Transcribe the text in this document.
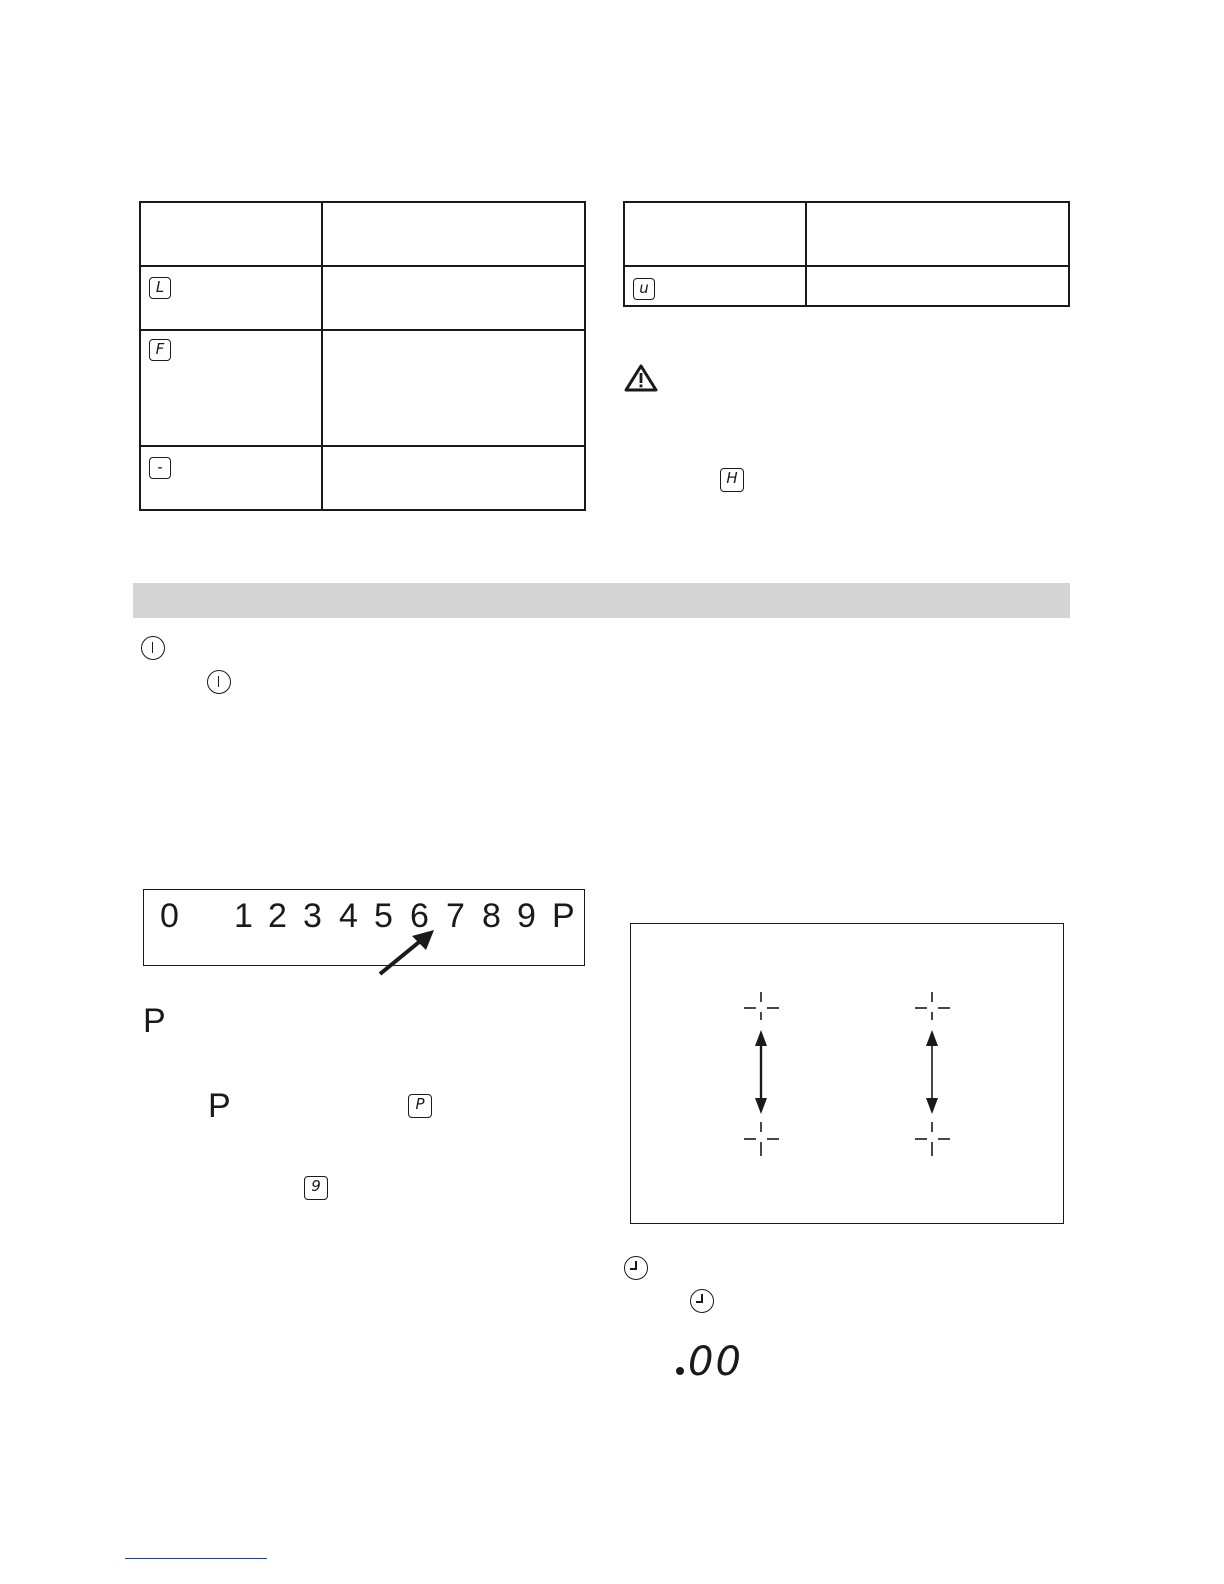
L	

F	

-	

u	

H
0 1 2 3 4 5 6 7 8 9 P
P
P	P
9
00
